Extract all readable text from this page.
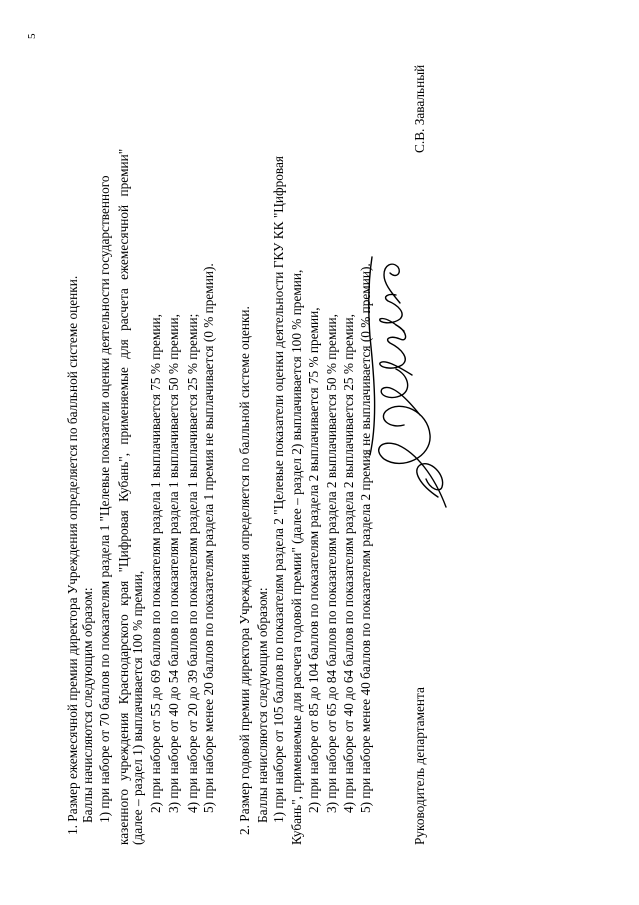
5
1. Размер ежемесячной премии директора Учреждения определяется по балльной системе оценки. Баллы начисляются следующим образом: 1) при наборе от 70 баллов по показателям раздела 1 "Целевые показатели оценки деятельности государственного казенного учреждения Краснодарского края "Цифровая Кубань", применяемые для расчета ежемесячной премии" (далее – раздел 1) выплачивается 100 % премии, 2) при наборе от 55 до 69 баллов по показателям раздела 1 выплачивается 75 % премии, 3) при наборе от 40 до 54 баллов по показателям раздела 1 выплачивается 50 % премии, 4) при наборе от 20 до 39 баллов по показателям раздела 1 выплачивается 25 % премии; 5) при наборе менее 20 баллов по показателям раздела 1 премия не выплачивается (0 % премии). 2. Размер годовой премии директора Учреждения определяется по балльной системе оценки. Баллы начисляются следующим образом: 1) при наборе от 105 баллов по показателям раздела 2 "Целевые показатели оценки деятельности ГКУ КК "Цифровая Кубань", применяемые для расчета годовой премии" (далее – раздел 2) выплачивается 100 % премии, 2) при наборе от 85 до 104 баллов по показателям раздела 2 выплачивается 75 % премии, 3) при наборе от 65 до 84 баллов по показателям раздела 2 выплачивается 50 % премии, 4) при наборе от 40 до 64 баллов по показателям раздела 2 выплачивается 25 % премии, 5) при наборе менее 40 баллов по показателям раздела 2 премия не выплачивается (0 % премии).	Руководитель департамента
С.В. Завальный
